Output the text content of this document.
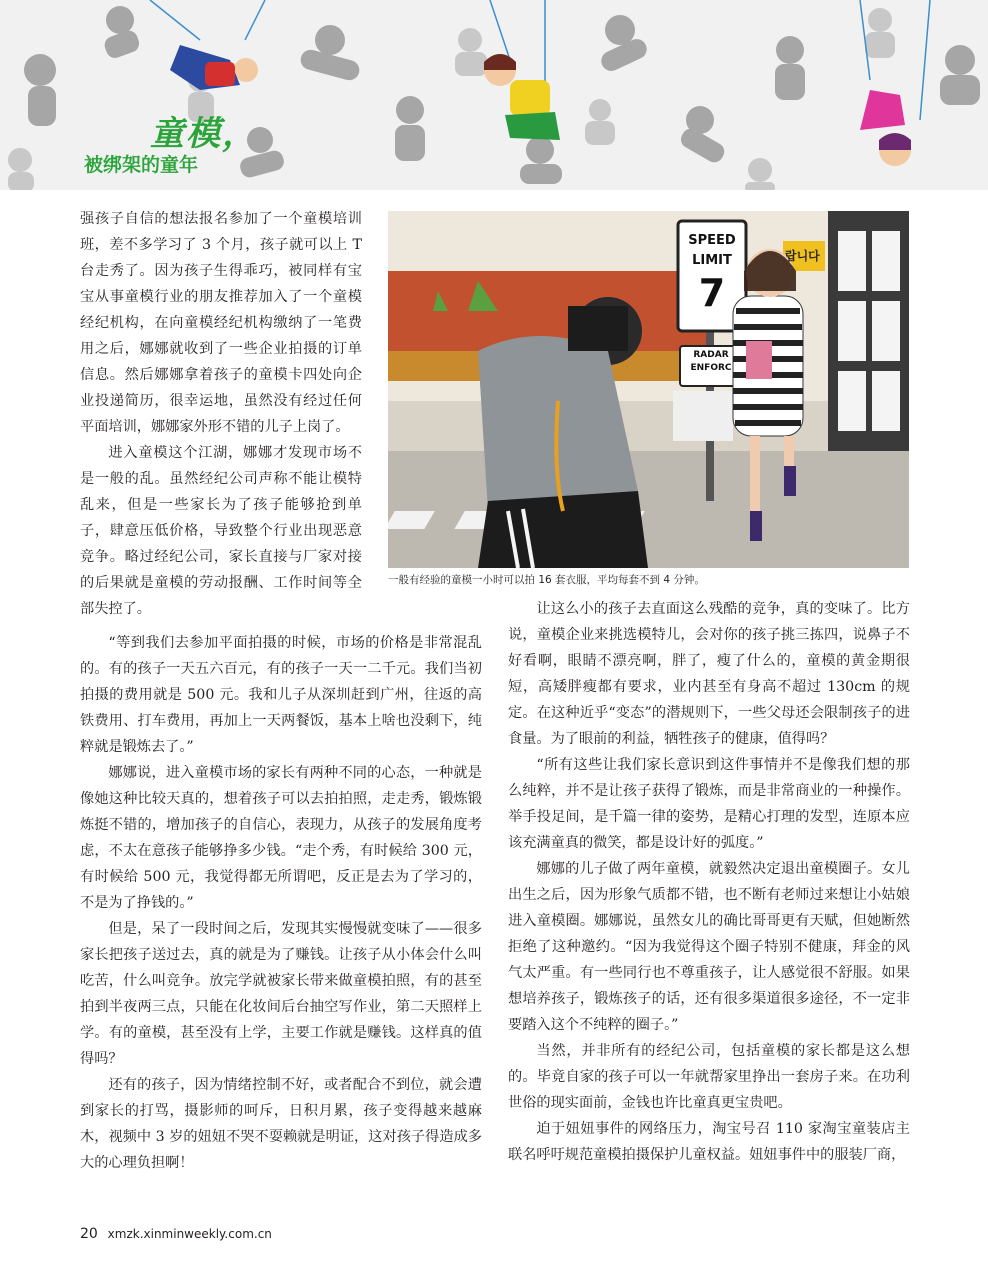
童模，
被绑架的童年

强孩子自信的想法报名参加了一个童模培训班，差不多学习了 3 个月，孩子就可以上 T 台走秀了。因为孩子生得乖巧，被同样有宝宝从事童模行业的朋友推荐加入了一个童模经纪机构，在向童模经纪机构缴纳了一笔费用之后，娜娜就收到了一些企业拍摄的订单信息。然后娜娜拿着孩子的童模卡四处向企业投递简历，很幸运地，虽然没有经过任何平面培训，娜娜家外形不错的儿子上岗了。

进入童模这个江湖，娜娜才发现市场不是一般的乱。虽然经纪公司声称不能让模特乱来，但是一些家长为了孩子能够抢到单子，肆意压低价格，导致整个行业出现恶意竞争。略过经纪公司，家长直接与厂家对接的后果就是童模的劳动报酬、工作时间等全部失控了。

SPEED
LIMIT
7
RADAR
ENFORC
랍니다
一般有经验的童模一小时可以拍 16 套衣服，平均每套不到 4 分钟。

“等到我们去参加平面拍摄的时候，市场的价格是非常混乱的。有的孩子一天五六百元，有的孩子一天一二千元。我们当初拍摄的费用就是 500 元。我和儿子从深圳赶到广州，往返的高铁费用、打车费用，再加上一天两餐饭，基本上啥也没剩下，纯粹就是锻炼去了。”

娜娜说，进入童模市场的家长有两种不同的心态，一种就是像她这种比较天真的，想着孩子可以去拍拍照，走走秀，锻炼锻炼挺不错的，增加孩子的自信心，表现力，从孩子的发展角度考虑，不太在意孩子能够挣多少钱。“走个秀，有时候给 300 元，有时候给 500 元，我觉得都无所谓吧，反正是去为了学习的，不是为了挣钱的。”

但是，呆了一段时间之后，发现其实慢慢就变味了——很多家长把孩子送过去，真的就是为了赚钱。让孩子从小体会什么叫吃苦，什么叫竞争。放完学就被家长带来做童模拍照，有的甚至拍到半夜两三点，只能在化妆间后台抽空写作业，第二天照样上学。有的童模，甚至没有上学，主要工作就是赚钱。这样真的值得吗？

还有的孩子，因为情绪控制不好，或者配合不到位，就会遭到家长的打骂，摄影师的呵斥，日积月累，孩子变得越来越麻木，视频中 3 岁的妞妞不哭不耍赖就是明证，这对孩子得造成多大的心理负担啊！

让这么小的孩子去直面这么残酷的竞争，真的变味了。比方说，童模企业来挑选模特儿，会对你的孩子挑三拣四，说鼻子不好看啊，眼睛不漂亮啊，胖了，瘦了什么的，童模的黄金期很短，高矮胖瘦都有要求，业内甚至有身高不超过 130cm 的规定。在这种近乎“变态”的潜规则下，一些父母还会限制孩子的进食量。为了眼前的利益，牺牲孩子的健康，值得吗？

“所有这些让我们家长意识到这件事情并不是像我们想的那么纯粹，并不是让孩子获得了锻炼，而是非常商业的一种操作。举手投足间，是千篇一律的姿势，是精心打理的发型，连原本应该充满童真的微笑，都是设计好的弧度。”

娜娜的儿子做了两年童模，就毅然决定退出童模圈子。女儿出生之后，因为形象气质都不错，也不断有老师过来想让小姑娘进入童模圈。娜娜说，虽然女儿的确比哥哥更有天赋，但她断然拒绝了这种邀约。“因为我觉得这个圈子特别不健康，拜金的风气太严重。有一些同行也不尊重孩子，让人感觉很不舒服。如果想培养孩子，锻炼孩子的话，还有很多渠道很多途径，不一定非要踏入这个不纯粹的圈子。”

当然，并非所有的经纪公司，包括童模的家长都是这么想的。毕竟自家的孩子可以一年就帮家里挣出一套房子来。在功利世俗的现实面前，金钱也许比童真更宝贵吧。

迫于妞妞事件的网络压力，淘宝号召 110 家淘宝童装店主联名呼吁规范童模拍摄保护儿童权益。妞妞事件中的服装厂商，

20 xmzk.xinminweekly.com.cn
